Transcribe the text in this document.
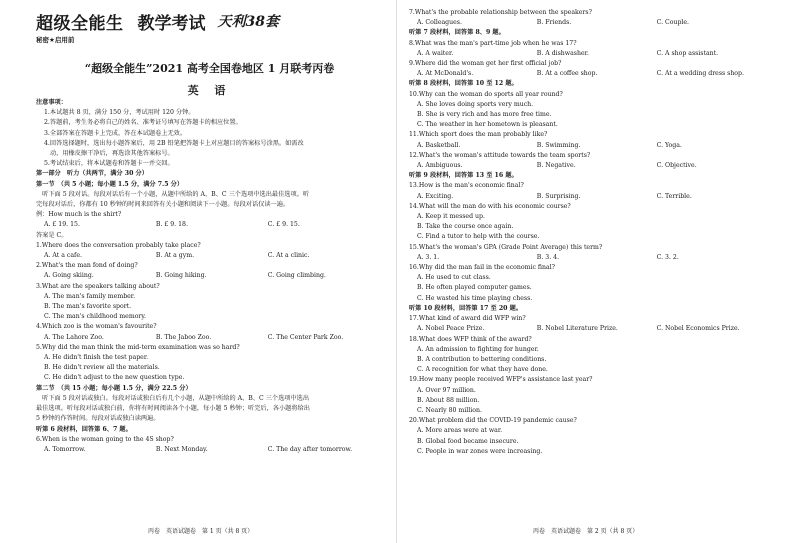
超级全能生 教学考试 天利38套
秘密★启用前
“超级全能生”2021 高考全国卷地区 1 月联考丙卷
英 语
注意事项：
1.本试题共 8 页，满分 150 分，考试用时 120 分钟。
2.答题前，考生务必将自己的姓名、准考证号填写在答题卡的相应位置。
3.全部答案在答题卡上完成，答在本试题卷上无效。
4.回答选择题时，选出每小题答案后，用 2B 铅笔把答题卡上对应题目的答案标号涂黑。如需改
动，用橡皮擦干净后，再选涂其他答案标号。
5.考试结束后，将本试题卷和答题卡一并交回。
第一部分　听力（共两节，满分 30 分）
第一节　（共 5 小题；每小题 1.5 分，满分 7.5 分）
　听下面 5 段对话。每段对话后有一个小题，从题中所给的 A、B、C 三个选项中选出最佳选项。听
完每段对话后，你都有 10 秒钟的时间来回答有关小题和阅读下一小题。每段对话仅读一遍。
例：How much is the shirt?
A. £ 19. 15.	B. £ 9. 18.	C. £ 9. 15.
答案是 C。
1.Where does the conversation probably take place?
A. At a cafe.	B. At a gym.	C. At a clinic.
2.What's the man fond of doing?
A. Going skiing.	B. Going hiking.	C. Going climbing.
3.What are the speakers talking about?
A. The man's family member.
B. The man's favorite sport.
C. The man's childhood memory.
4.Which zoo is the woman's favourite?
A. The Lahore Zoo.	B. The Jaboo Zoo.	C. The Center Park Zoo.
5.Why did the man think the mid-term examination was so hard?
A. He didn't finish the test paper.
B. He didn't review all the materials.
C. He didn't adjust to the new question type.
第二节　（共 15 小题；每小题 1.5 分，满分 22.5 分）
　听下面 5 段对话或独白。每段对话或独白后有几个小题，从题中所给的 A、B、C 三个选项中选出
最佳选项。听每段对话或独白前，你将有时间阅读各个小题，每小题 5 秒钟；听完后，各小题将给出
5 秒钟的作答时间。每段对话或独白读两遍。
听第 6 段材料，回答第 6、7 题。
6.When is the woman going to the 4S shop?
A. Tomorrow.	B. Next Monday.	C. The day after tomorrow.
丙卷　英语试题卷　第 1 页（共 8 页）
7.What's the probable relationship between the speakers?
A. Colleagues.	B. Friends.	C. Couple.
听第 7 段材料，回答第 8、9 题。
8.What was the man's part-time job when he was 17?
A. A waiter.	B. A dishwasher.	C. A shop assistant.
9.Where did the woman get her first official job?
A. At McDonald's.	B. At a coffee shop.	C. At a wedding dress shop.
听第 8 段材料，回答第 10 至 12 题。
10.Why can the woman do sports all year round?
A. She loves doing sports very much.
B. She is very rich and has more free time.
C. The weather in her hometown is pleasant.
11.Which sport does the man probably like?
A. Basketball.	B. Swimming.	C. Yoga.
12.What's the woman's attitude towards the team sports?
A. Ambiguous.	B. Negative.	C. Objective.
听第 9 段材料，回答第 13 至 16 题。
13.How is the man's economic final?
A. Exciting.	B. Surprising.	C. Terrible.
14.What will the man do with his economic course?
A. Keep it messed up.
B. Take the course once again.
C. Find a tutor to help with the course.
15.What's the woman's GPA (Grade Point Average) this term?
A. 3. 1.	B. 3. 4.	C. 3. 2.
16.Why did the man fail in the economic final?
A. He used to cut class.
B. He often played computer games.
C. He wasted his time playing chess.
听第 10 段材料，回答第 17 至 20 题。
17.What kind of award did WFP win?
A. Nobel Peace Prize.	B. Nobel Literature Prize.	C. Nobel Economics Prize.
18.What does WFP think of the award?
A. An admission to fighting for hunger.
B. A contribution to bettering conditions.
C. A recognition for what they have done.
19.How many people received WFP's assistance last year?
A. Over 97 million.
B. About 88 million.
C. Nearly 80 million.
20.What problem did the COVID-19 pandemic cause?
A. More areas were at war.
B. Global food became insecure.
C. People in war zones were increasing.
丙卷　英语试题卷　第 2 页（共 8 页）
